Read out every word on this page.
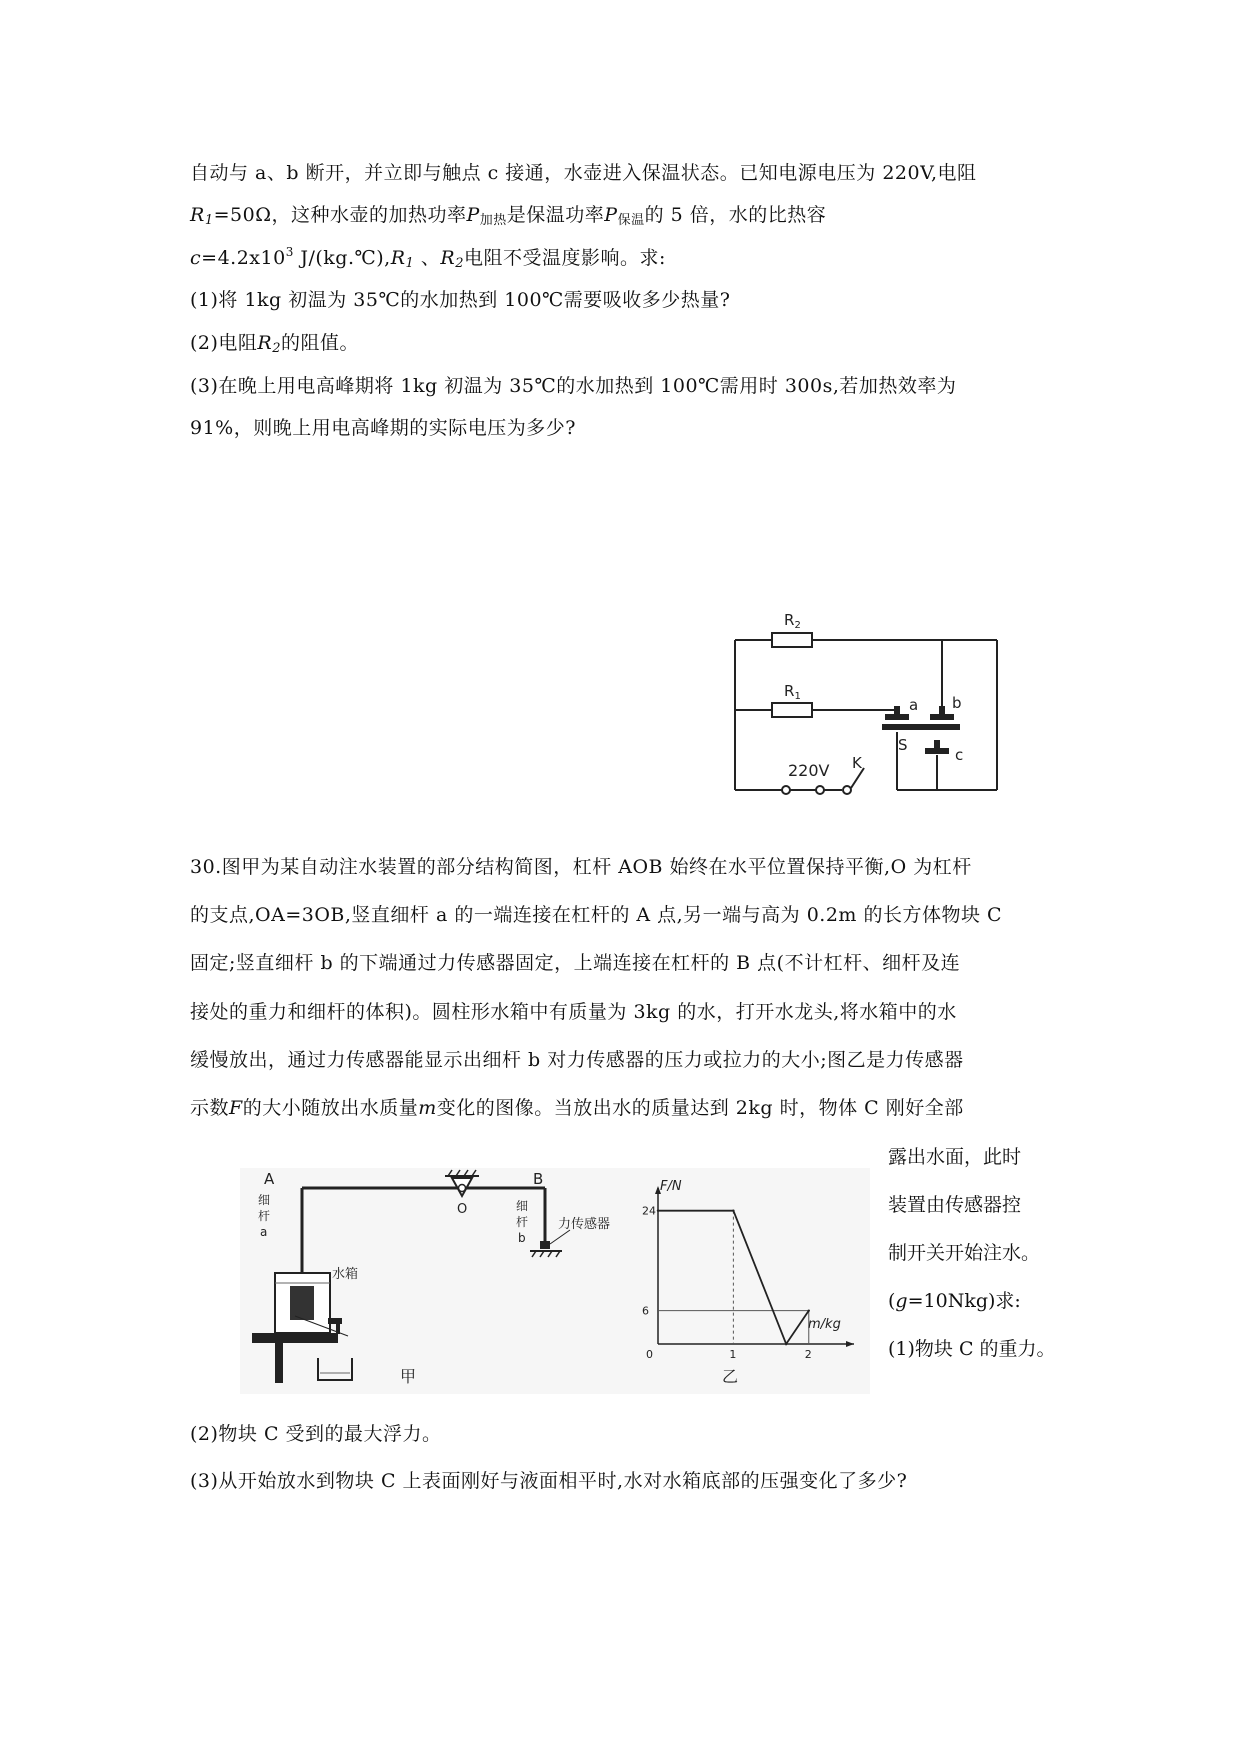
自动与 a、b 断开，并立即与触点 c 接通，水壶进入保温状态。已知电源电压为 220V,电阻
$R_1=50\Omega$，这种水壶的加热功率$P_{加热}$是保温功率$P_{保温}$的 5 倍，水的比热容
$c=4.2x10^3$ $J/(kg.℃),R_1$ 、$R_2$电阻不受温度影响。求:
(1)将 1kg 初温为 35℃的水加热到 100℃需要吸收多少热量?
(2)电阻$R_2$的阻值。
(3)在晚上用电高峰期将 1kg 初温为 35℃的水加热到 100℃需用时 300s,若加热效率为
91%，则晚上用电高峰期的实际电压为多少?
$R_2$
$R_1$	a b
c
S
K
220V
30.图甲为某自动注水装置的部分结构简图，杠杆 AOB 始终在水平位置保持平衡,O 为杠杆
的支点,OA=3OB,竖直细杆 a 的一端连接在杠杆的 A 点,另一端与高为 0.2m 的长方体物块 C
固定;竖直细杆 b 的下端通过力传感器固定，上端连接在杠杆的 B 点(不计杠杆、细杆及连
接处的重力和细杆的体积)。圆柱形水箱中有质量为 3kg 的水，打开水龙头,将水箱中的水
缓慢放出，通过力传感器能显示出细杆 b 对力传感器的压力或拉力的大小;图乙是力传感器
示数F的大小随放出水质量m变化的图像。当放出水的质量达到 2kg 时，物体 C 刚好全部
露出水面，此时
装置由传感器控
制开关开始注水。
(g=10Nkg)求:
(1)物块 C 的重力。
A	B
O
细
杆
a
细
杆
b
水箱
力传感器
甲
0	1	2
6
24
F/N
m/kg
乙
(2)物块 C 受到的最大浮力。
(3)从开始放水到物块 C 上表面刚好与液面相平时,水对水箱底部的压强变化了多少?
